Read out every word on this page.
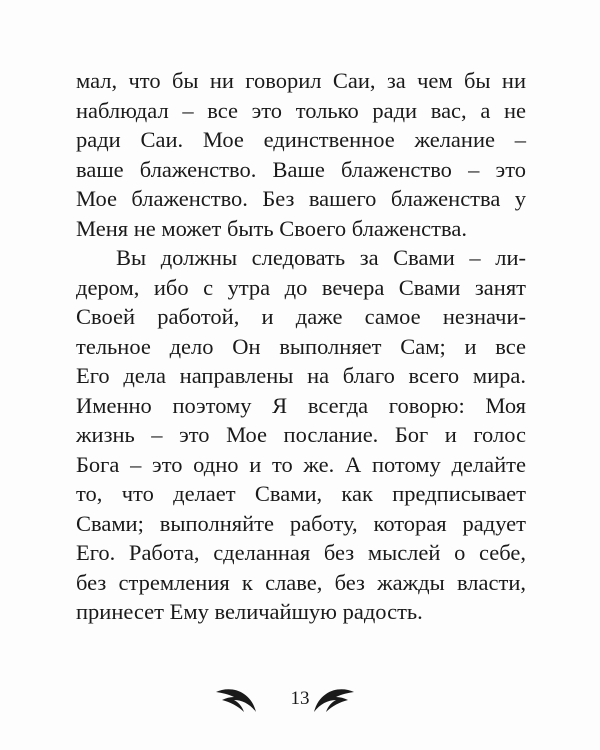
мал, что бы ни говорил Саи, за чем бы ни
наблюдал – все это только ради вас, а не
ради Саи. Мое единственное желание –
ваше блаженство. Ваше блаженство – это
Мое блаженство. Без вашего блаженства у
Меня не может быть Своего блаженства.
Вы должны следовать за Свами – ли-
дером, ибо с утра до вечера Свами занят
Своей работой, и даже самое незначи-
тельное дело Он выполняет Сам; и все
Его дела направлены на благо всего мира.
Именно поэтому Я всегда говорю: Моя
жизнь – это Мое послание. Бог и голос
Бога – это одно и то же. А потому делайте
то, что делает Свами, как предписывает
Свами; выполняйте работу, которая радует
Его. Работа, сделанная без мыслей о себе,
без стремления к славе, без жажды власти,
принесет Ему величайшую радость.
13
